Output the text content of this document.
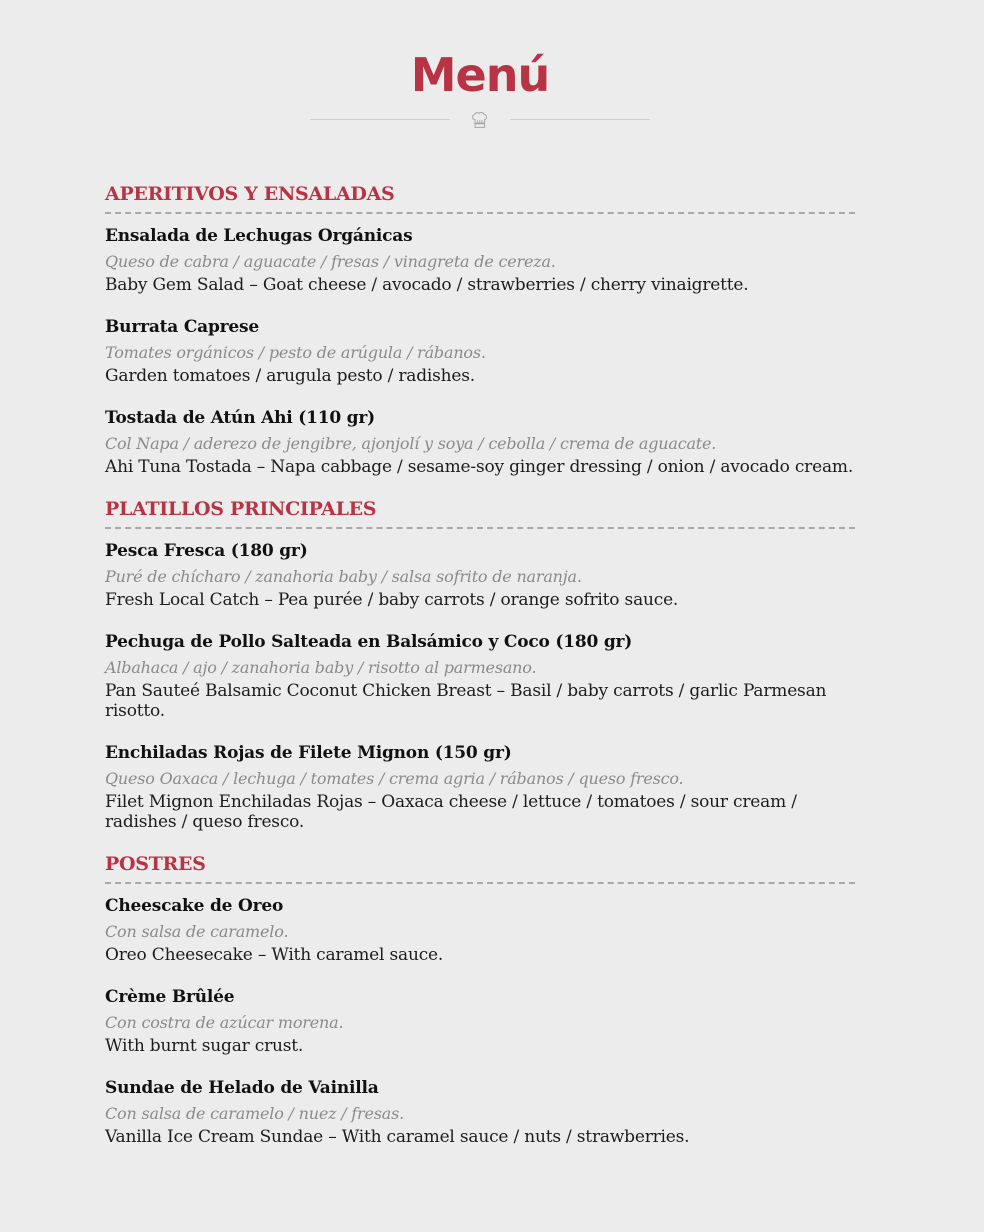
Menú
APERITIVOS Y ENSALADAS
Ensalada de Lechugas Orgánicas
Queso de cabra / aguacate / fresas / vinagreta de cereza.
Baby Gem Salad – Goat cheese / avocado / strawberries / cherry vinaigrette.
Burrata Caprese
Tomates orgánicos / pesto de arúgula / rábanos.
Garden tomatoes / arugula pesto / radishes.
Tostada de Atún Ahi (110 gr)
Col Napa / aderezo de jengibre, ajonjolí y soya / cebolla / crema de aguacate.
Ahi Tuna Tostada – Napa cabbage / sesame-soy ginger dressing / onion / avocado cream.
PLATILLOS PRINCIPALES
Pesca Fresca (180 gr)
Puré de chícharo / zanahoria baby / salsa sofrito de naranja.
Fresh Local Catch – Pea purée / baby carrots / orange sofrito sauce.
Pechuga de Pollo Salteada en Balsámico y Coco (180 gr)
Albahaca / ajo / zanahoria baby / risotto al parmesano.
Pan Sauteé Balsamic Coconut Chicken Breast – Basil / baby carrots / garlic Parmesan risotto.
Enchiladas Rojas de Filete Mignon (150 gr)
Queso Oaxaca / lechuga / tomates / crema agria / rábanos / queso fresco.
Filet Mignon Enchiladas Rojas – Oaxaca cheese / lettuce / tomatoes / sour cream / radishes / queso fresco.
POSTRES
Cheescake de Oreo
Con salsa de caramelo.
Oreo Cheesecake – With caramel sauce.
Crème Brûlée
Con costra de azúcar morena.
With burnt sugar crust.
Sundae de Helado de Vainilla
Con salsa de caramelo / nuez / fresas.
Vanilla Ice Cream Sundae – With caramel sauce / nuts / strawberries.
